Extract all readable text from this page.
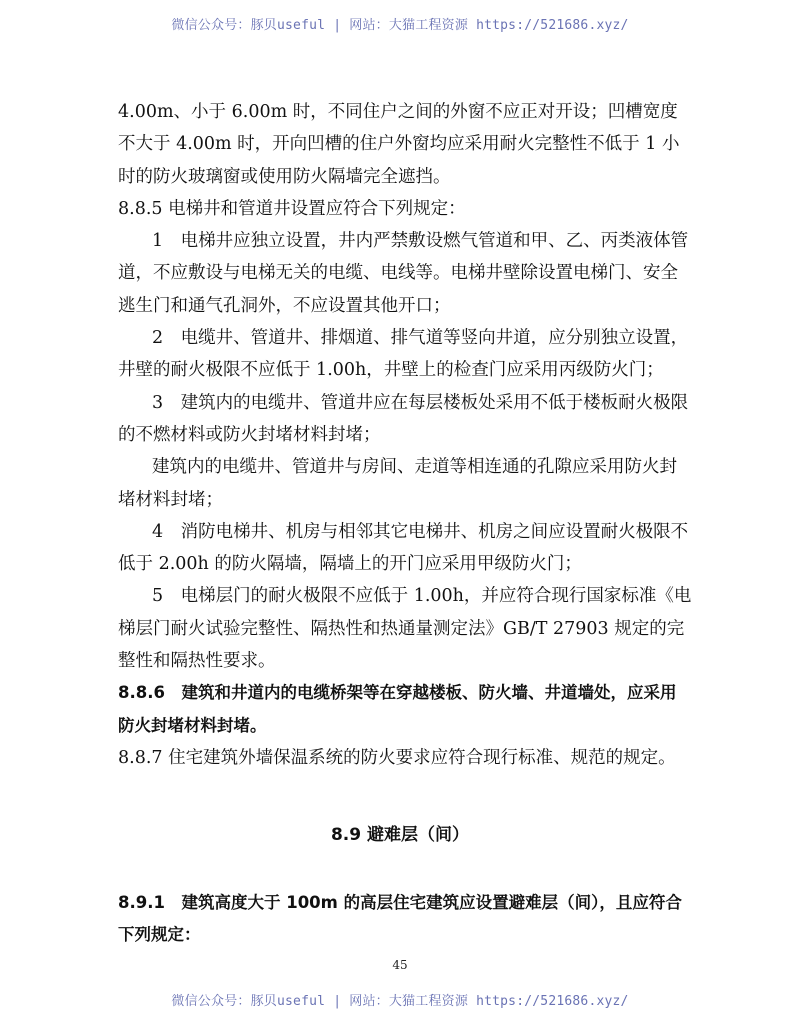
微信公众号：豚贝useful | 网站：大猫工程资源 https://521686.xyz/

4.00m、小于 6.00m 时，不同住户之间的外窗不应正对开设；凹槽宽度不大于 4.00m 时，开向凹槽的住户外窗均应采用耐火完整性不低于 1 小时的防火玻璃窗或使用防火隔墙完全遮挡。

8.8.5 电梯井和管道井设置应符合下列规定：

1　电梯井应独立设置，井内严禁敷设燃气管道和甲、乙、丙类液体管道，不应敷设与电梯无关的电缆、电线等。电梯井壁除设置电梯门、安全逃生门和通气孔洞外，不应设置其他开口；

2　电缆井、管道井、排烟道、排气道等竖向井道，应分别独立设置，井壁的耐火极限不应低于 1.00h，井壁上的检查门应采用丙级防火门；

3　建筑内的电缆井、管道井应在每层楼板处采用不低于楼板耐火极限的不燃材料或防火封堵材料封堵；

建筑内的电缆井、管道井与房间、走道等相连通的孔隙应采用防火封堵材料封堵；

4　消防电梯井、机房与相邻其它电梯井、机房之间应设置耐火极限不低于 2.00h 的防火隔墙，隔墙上的开门应采用甲级防火门；

5　电梯层门的耐火极限不应低于 1.00h，并应符合现行国家标准《电梯层门耐火试验完整性、隔热性和热通量测定法》GB/T 27903 规定的完整性和隔热性要求。

8.8.6　建筑和井道内的电缆桥架等在穿越楼板、防火墙、井道墙处，应采用防火封堵材料封堵。

8.8.7 住宅建筑外墙保温系统的防火要求应符合现行标准、规范的规定。

8.9 避难层（间）

8.9.1　建筑高度大于 100m 的高层住宅建筑应设置避难层（间），且应符合下列规定：

45
微信公众号：豚贝useful | 网站：大猫工程资源 https://521686.xyz/
